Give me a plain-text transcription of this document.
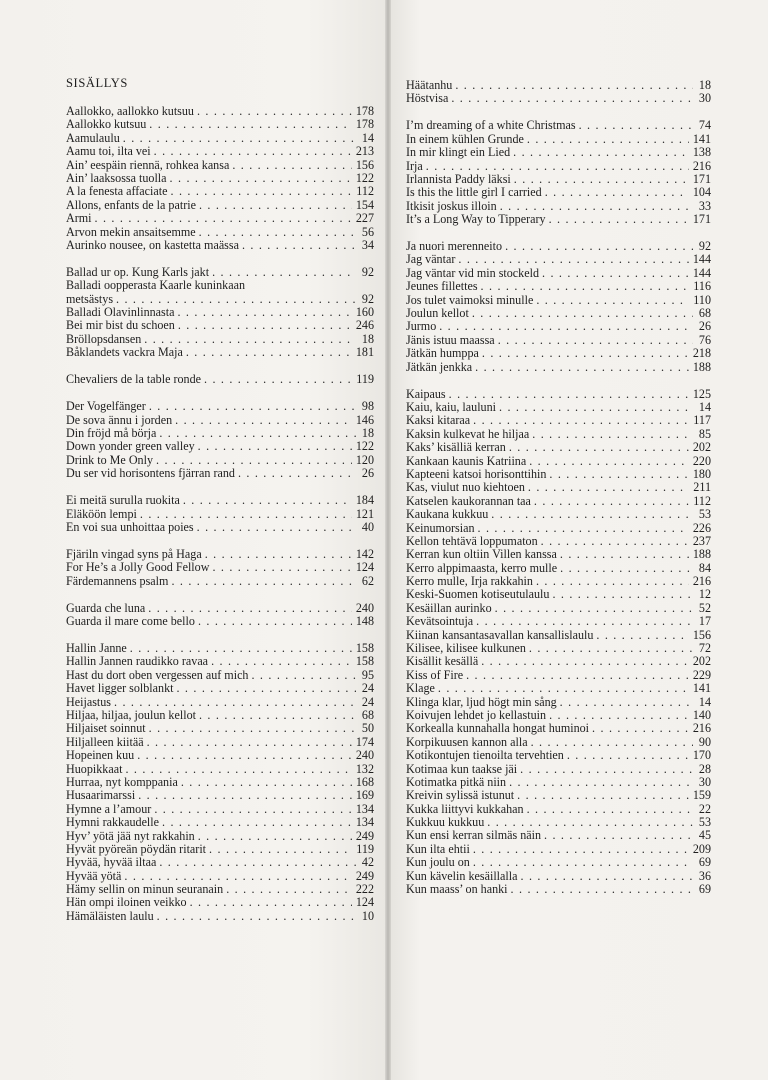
SISÄLLYS
Aallokko, aallokko kutsuu . . .	178
Aallokko kutsuu . . .	178
Aamulaulu . . .	14
Aamu toi, ilta vei . . .	213
Ain’ eespäin riennä, rohkea kansa . . .	156
Ain’ laaksossa tuolla . . .	122
A la fenesta affaciate . . .	112
Allons, enfants de la patrie . . .	154
Armi . . .	227
Arvon mekin ansaitsemme . . .	56
Aurinko nousee, on kastetta maässa . . .	34
Ballad ur op. Kung Karls jakt . . .	92
Balladi oopperasta Kaarle kuninkaan
metsästys . . .	92
Balladi Olavinlinnasta . . .	160
Bei mir bist du schoen . . .	246
Bröllopsdansen . . .	18
Båklandets vackra Maja . . .	181
Chevaliers de la table ronde . . .	119
Der Vogelfänger . . .	98
De sova ännu i jorden . . .	146
Din fröjd må börja . . .	18
Down yonder green valley . . .	122
Drink to Me Only . . .	120
Du ser vid horisontens fjärran rand . . .	26
Ei meitä surulla ruokita . . .	184
Eläköön lempi . . .	121
En voi sua unhoittaa poies . . .	40
Fjäriln vingad syns på Haga . . .	142
For He’s a Jolly Good Fellow . . .	124
Färdemannens psalm . . .	62
Guarda che luna . . .	240
Guarda il mare come bello . . .	148
Hallin Janne . . .	158
Hallin Jannen raudikko ravaa . . .	158
Hast du dort oben vergessen auf mich . . .	95
Havet ligger solblankt . . .	24
Heijastus . . .	24
Hiljaa, hiljaa, joulun kellot . . .	68
Hiljaiset soinnut . . .	50
Hiljalleen kiitää . . .	174
Hopeinen kuu . . .	240
Huopikkaat . . .	132
Hurraa, nyt komppania . . .	168
Husaarimarssi . . .	169
Hymne a l’amour . . .	134
Hymni rakkaudelle . . .	134
Hyv’ yötä jää nyt rakkahin . . .	249
Hyvät pyöreän pöydän ritarit . . .	119
Hyvää, hyvää iltaa . . .	42
Hyvää yötä . . .	249
Hämy sellin on minun seuranain . . .	222
Hän ompi iloinen veikko . . .	124
Hämäläisten laulu . . .	10
Häätanhu . . .	18
Höstvisa . . .	30
I’m dreaming of a white Christmas . . .	74
In einem kühlen Grunde . . .	141
In mir klingt ein Lied . . .	138
Irja . . .	216
Irlannista Paddy läksi . . .	171
Is this the little girl I carried . . .	104
Itkisit joskus illoin . . .	33
It’s a Long Way to Tipperary . . .	171
Ja nuori merenneito . . .	92
Jag väntar . . .	144
Jag väntar vid min stockeld . . .	144
Jeunes fillettes . . .	116
Jos tulet vaimoksi minulle . . .	110
Joulun kellot . . .	68
Jurmo . . .	26
Jänis istuu maassa . . .	76
Jätkän humppa . . .	218
Jätkän jenkka . . .	188
Kaipaus . . .	125
Kaiu, kaiu, lauluni . . .	14
Kaksi kitaraa . . .	117
Kaksin kulkevat he hiljaa . . .	85
Kaks’ kisälliä kerran . . .	202
Kankaan kaunis Katriina . . .	220
Kapteeni katsoi horisonttihin . . .	180
Kas, viulut nuo kiehtoen . . .	211
Katselen kaukorannan taa . . .	112
Kaukana kukkuu . . .	53
Keinumorsian . . .	226
Kellon tehtävä loppumaton . . .	237
Kerran kun oltiin Villen kanssa . . .	188
Kerro alppimaasta, kerro mulle . . .	84
Kerro mulle, Irja rakkahin . . .	216
Keski-Suomen kotiseutulaulu . . .	12
Kesäillan aurinko . . .	52
Kevätsointuja . . .	17
Kiinan kansantasavallan kansallislaulu . . .	156
Kilisee, kilisee kulkunen . . .	72
Kisällit kesällä . . .	202
Kiss of Fire . . .	229
Klage . . .	141
Klinga klar, ljud högt min sång . . .	14
Koivujen lehdet jo kellastuin . . .	140
Korkealla kunnahalla hongat huminoi . . .	216
Korpikuusen kannon alla . . .	90
Kotikontujen tienoilta tervehtien . . .	170
Kotimaa kun taakse jäi . . .	28
Kotimatka pitkä niin . . .	30
Kreivin sylissä istunut . . .	159
Kukka liittyvi kukkahan . . .	22
Kukkuu kukkuu . . .	53
Kun ensi kerran silmäs näin . . .	45
Kun ilta ehtii . . .	209
Kun joulu on . . .	69
Kun kävelin kesäillalla . . .	36
Kun maass’ on hanki . . .	69
